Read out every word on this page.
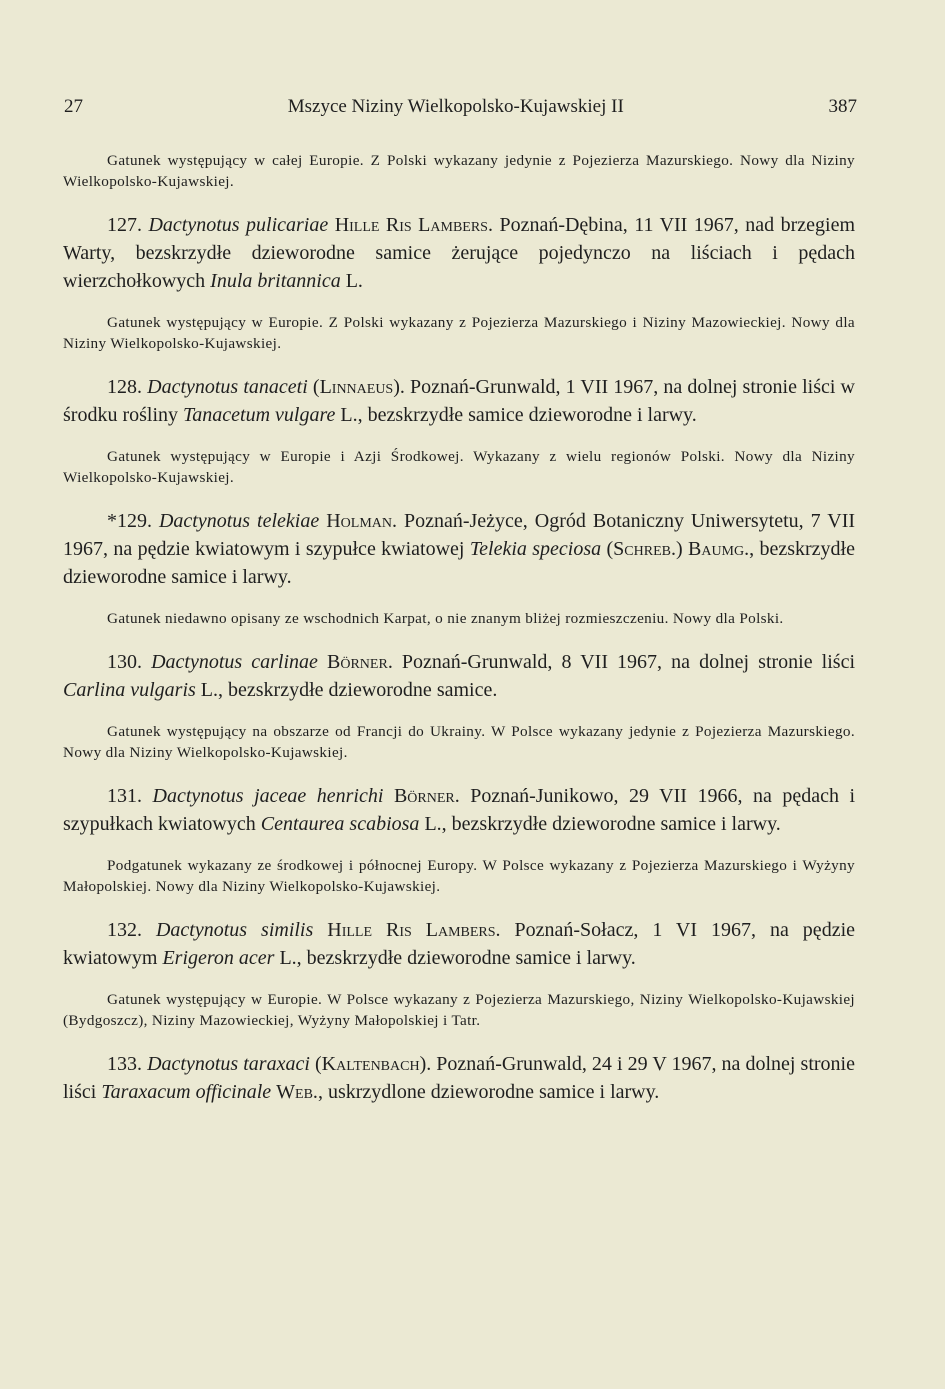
27	Mszyce Niziny Wielkopolsko-Kujawskiej II	387

Gatunek występujący w całej Europie. Z Polski wykazany jedynie z Pojezierza Mazurskiego. Nowy dla Niziny Wielkopolsko-Kujawskiej.

127. Dactynotus pulicariae Hille Ris Lambers. Poznań-Dębina, 11 VII 1967, nad brzegiem Warty, bezskrzydłe dzieworodne samice żerujące pojedynczo na liściach i pędach wierzchołkowych Inula britannica L.

Gatunek występujący w Europie. Z Polski wykazany z Pojezierza Mazurskiego i Niziny Mazowieckiej. Nowy dla Niziny Wielkopolsko-Kujawskiej.

128. Dactynotus tanaceti (Linnaeus). Poznań-Grunwald, 1 VII 1967, na dolnej stronie liści w środku rośliny Tanacetum vulgare L., bezskrzydłe samice dzieworodne i larwy.

Gatunek występujący w Europie i Azji Środkowej. Wykazany z wielu regionów Polski. Nowy dla Niziny Wielkopolsko-Kujawskiej.

*129. Dactynotus telekiae Holman. Poznań-Jeżyce, Ogród Botaniczny Uniwersytetu, 7 VII 1967, na pędzie kwiatowym i szypułce kwiatowej Telekia speciosa (Schreb.) Baumg., bezskrzydłe dzieworodne samice i larwy.

Gatunek niedawno opisany ze wschodnich Karpat, o nie znanym bliżej rozmieszczeniu. Nowy dla Polski.

130. Dactynotus carlinae Börner. Poznań-Grunwald, 8 VII 1967, na dolnej stronie liści Carlina vulgaris L., bezskrzydłe dzieworodne samice.

Gatunek występujący na obszarze od Francji do Ukrainy. W Polsce wykazany jedynie z Pojezierza Mazurskiego. Nowy dla Niziny Wielkopolsko-Kujawskiej.

131. Dactynotus jaceae henrichi Börner. Poznań-Junikowo, 29 VII 1966, na pędach i szypułkach kwiatowych Centaurea scabiosa L., bezskrzydłe dzieworodne samice i larwy.

Podgatunek wykazany ze środkowej i północnej Europy. W Polsce wykazany z Pojezierza Mazurskiego i Wyżyny Małopolskiej. Nowy dla Niziny Wielkopolsko-Kujawskiej.

132. Dactynotus similis Hille Ris Lambers. Poznań-Sołacz, 1 VI 1967, na pędzie kwiatowym Erigeron acer L., bezskrzydłe dzieworodne samice i larwy.

Gatunek występujący w Europie. W Polsce wykazany z Pojezierza Mazurskiego, Niziny Wielkopolsko-Kujawskiej (Bydgoszcz), Niziny Mazowieckiej, Wyżyny Małopolskiej i Tatr.

133. Dactynotus taraxaci (Kaltenbach). Poznań-Grunwald, 24 i 29 V 1967, na dolnej stronie liści Taraxacum officinale Web., uskrzydlone dzieworodne samice i larwy.
